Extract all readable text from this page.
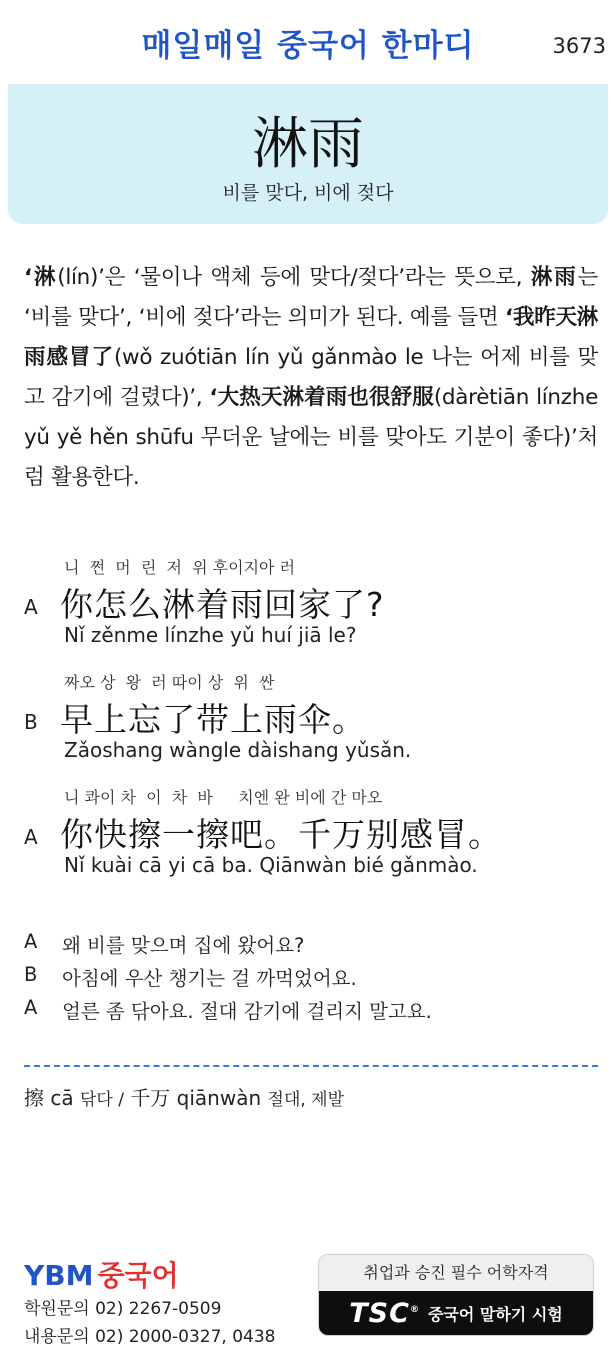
매일매일 중국어 한마디	3673
淋雨
비를 맞다, 비에 젖다
‘淋(lín)’은 ‘물이나 액체 등에 맞다/젖다’라는 뜻으로, 淋雨는 ‘비를 맞다’, ‘비에 젖다’라는 의미가 된다. 예를 들면 ‘我昨天淋雨感冒了(wǒ zuótiān lín yǔ gǎnmào le 나는 어제 비를 맞고 감기에 걸렸다)’, ‘大热天淋着雨也很舒服(dàrètiān línzhe yǔ yě hěn shūfu 무더운 날에는 비를 맞아도 기분이 좋다)’처럼 활용한다.
니  쩐  머  린  저  위 후이지아 러
A 你怎么淋着雨回家了?
Nǐ zěnme línzhe yǔ huí jiā le?
짜오 상  왕  러 따이 상  위  싼
B 早上忘了带上雨伞。
Zǎoshang wàngle dàishang yǔsǎn.
니 콰이 차  이  차  바     치엔 완 비에 간 마오
A 你快擦一擦吧。千万别感冒。
Nǐ kuài cā yi cā ba. Qiānwàn bié gǎnmào.
A	왜 비를 맞으며 집에 왔어요?
B	아침에 우산 챙기는 걸 까먹었어요.
A	얼른 좀 닦아요. 절대 감기에 걸리지 말고요.
擦 cā 닦다 / 千万 qiānwàn 절대, 제발
YBM 중국어
학원문의 02) 2267-0509
내용문의 02) 2000-0327, 0438
취업과 승진 필수 어학자격
TSC® 중국어 말하기 시험
